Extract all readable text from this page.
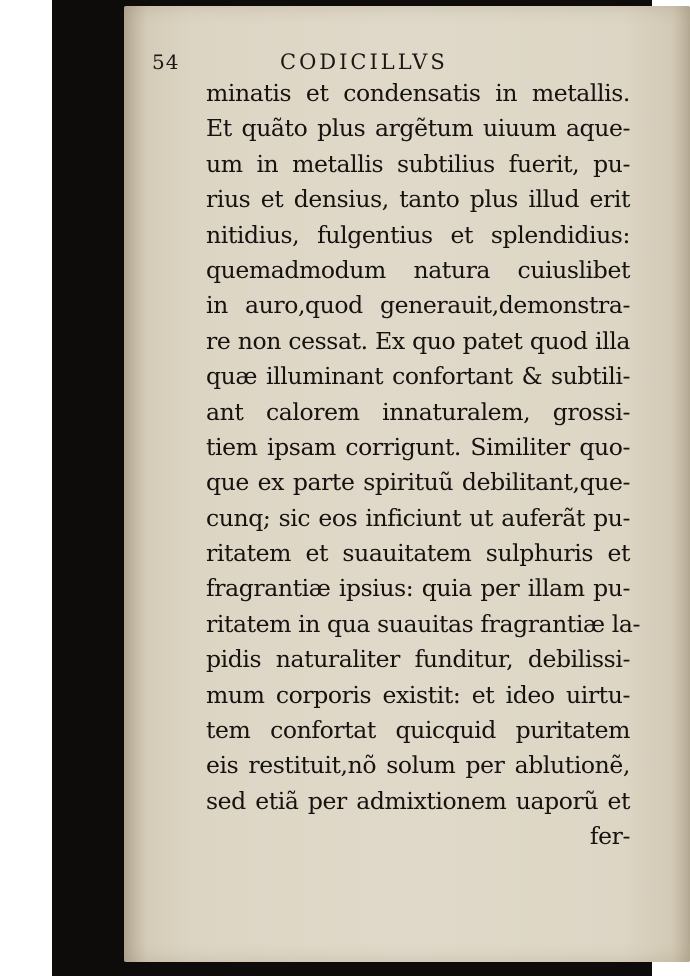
54	CODICILLVS
minatis et condensatis in metallis.
Et quãto plus argẽtum uiuum aque-
um in metallis subtilius fuerit, pu-
rius et densius, tanto plus illud erit
nitidius, fulgentius et splendidius:
quemadmodum natura cuiuslibet
in auro,quod generauit,demonstra-
re non cessat. Ex quo patet quod illa
quæ illuminant confortant & subtili-
ant calorem innaturalem, grossi-
tiem ipsam corrigunt. Similiter quo-
que ex parte spirituũ debilitant,que-
cunq; sic eos inficiunt ut auferãt pu-
ritatem et suauitatem sulphuris et
fragrantiæ ipsius: quia per illam pu-
ritatem in qua suauitas fragrantiæ la-
pidis naturaliter funditur, debilissi-
mum corporis existit: et ideo uirtu-
tem confortat quicquid puritatem
eis restituit,nõ solum per ablutionẽ,
sed etiã per admixtionem uaporũ et
fer-
